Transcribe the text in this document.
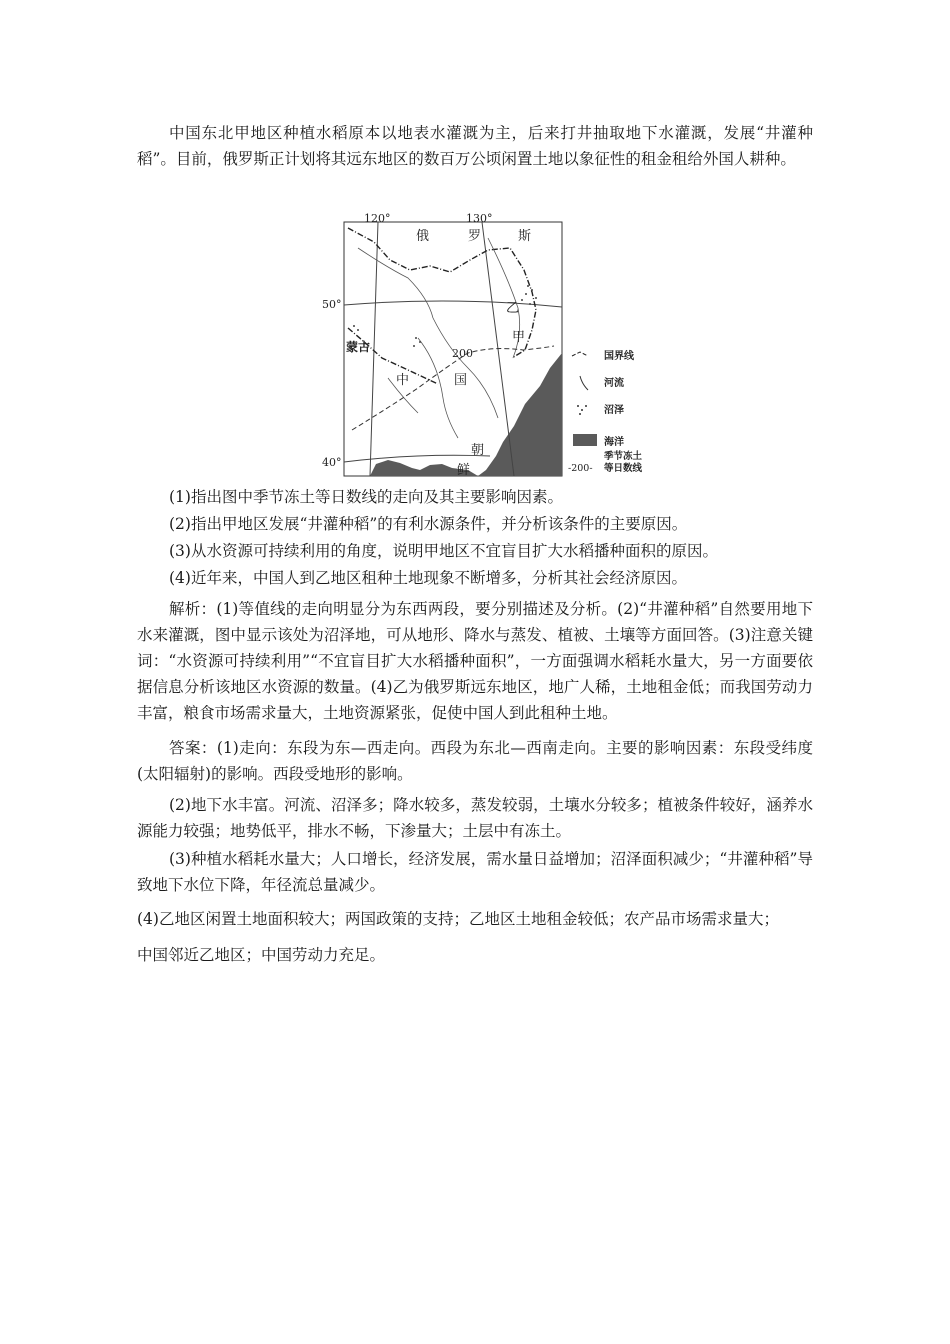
中国东北甲地区种植水稻原本以地表水灌溉为主，后来打井抽取地下水灌溉，发展“井灌种稻”。目前，俄罗斯正计划将其远东地区的数百万公顷闲置土地以象征性的租金租给外国人耕种。

120°	130°
50°
40°
俄	罗	斯
蒙古
中	国
朝
鲜
乙
甲
200	国界线
河流
沼泽
海洋
季节冻土
等日数线
-200-

(1)指出图中季节冻土等日数线的走向及其主要影响因素。

(2)指出甲地区发展“井灌种稻”的有利水源条件，并分析该条件的主要原因。

(3)从水资源可持续利用的角度，说明甲地区不宜盲目扩大水稻播种面积的原因。

(4)近年来，中国人到乙地区租种土地现象不断增多，分析其社会经济原因。

解析：(1)等值线的走向明显分为东西两段，要分别描述及分析。(2)“井灌种稻”自然要用地下水来灌溉，图中显示该处为沼泽地，可从地形、降水与蒸发、植被、土壤等方面回答。(3)注意关键词：“水资源可持续利用”“不宜盲目扩大水稻播种面积”，一方面强调水稻耗水量大，另一方面要依据信息分析该地区水资源的数量。(4)乙为俄罗斯远东地区，地广人稀，土地租金低；而我国劳动力丰富，粮食市场需求量大，土地资源紧张，促使中国人到此租种土地。

答案：(1)走向：东段为东—西走向。西段为东北—西南走向。主要的影响因素：东段受纬度(太阳辐射)的影响。西段受地形的影响。

(2)地下水丰富。河流、沼泽多；降水较多，蒸发较弱，土壤水分较多；植被条件较好，涵养水源能力较强；地势低平，排水不畅，下渗量大；土层中有冻土。

(3)种植水稻耗水量大；人口增长，经济发展，需水量日益增加；沼泽面积减少；“井灌种稻”导致地下水位下降，年径流总量减少。

(4)乙地区闲置土地面积较大；两国政策的支持；乙地区土地租金较低；农产品市场需求量大；

中国邻近乙地区；中国劳动力充足。
